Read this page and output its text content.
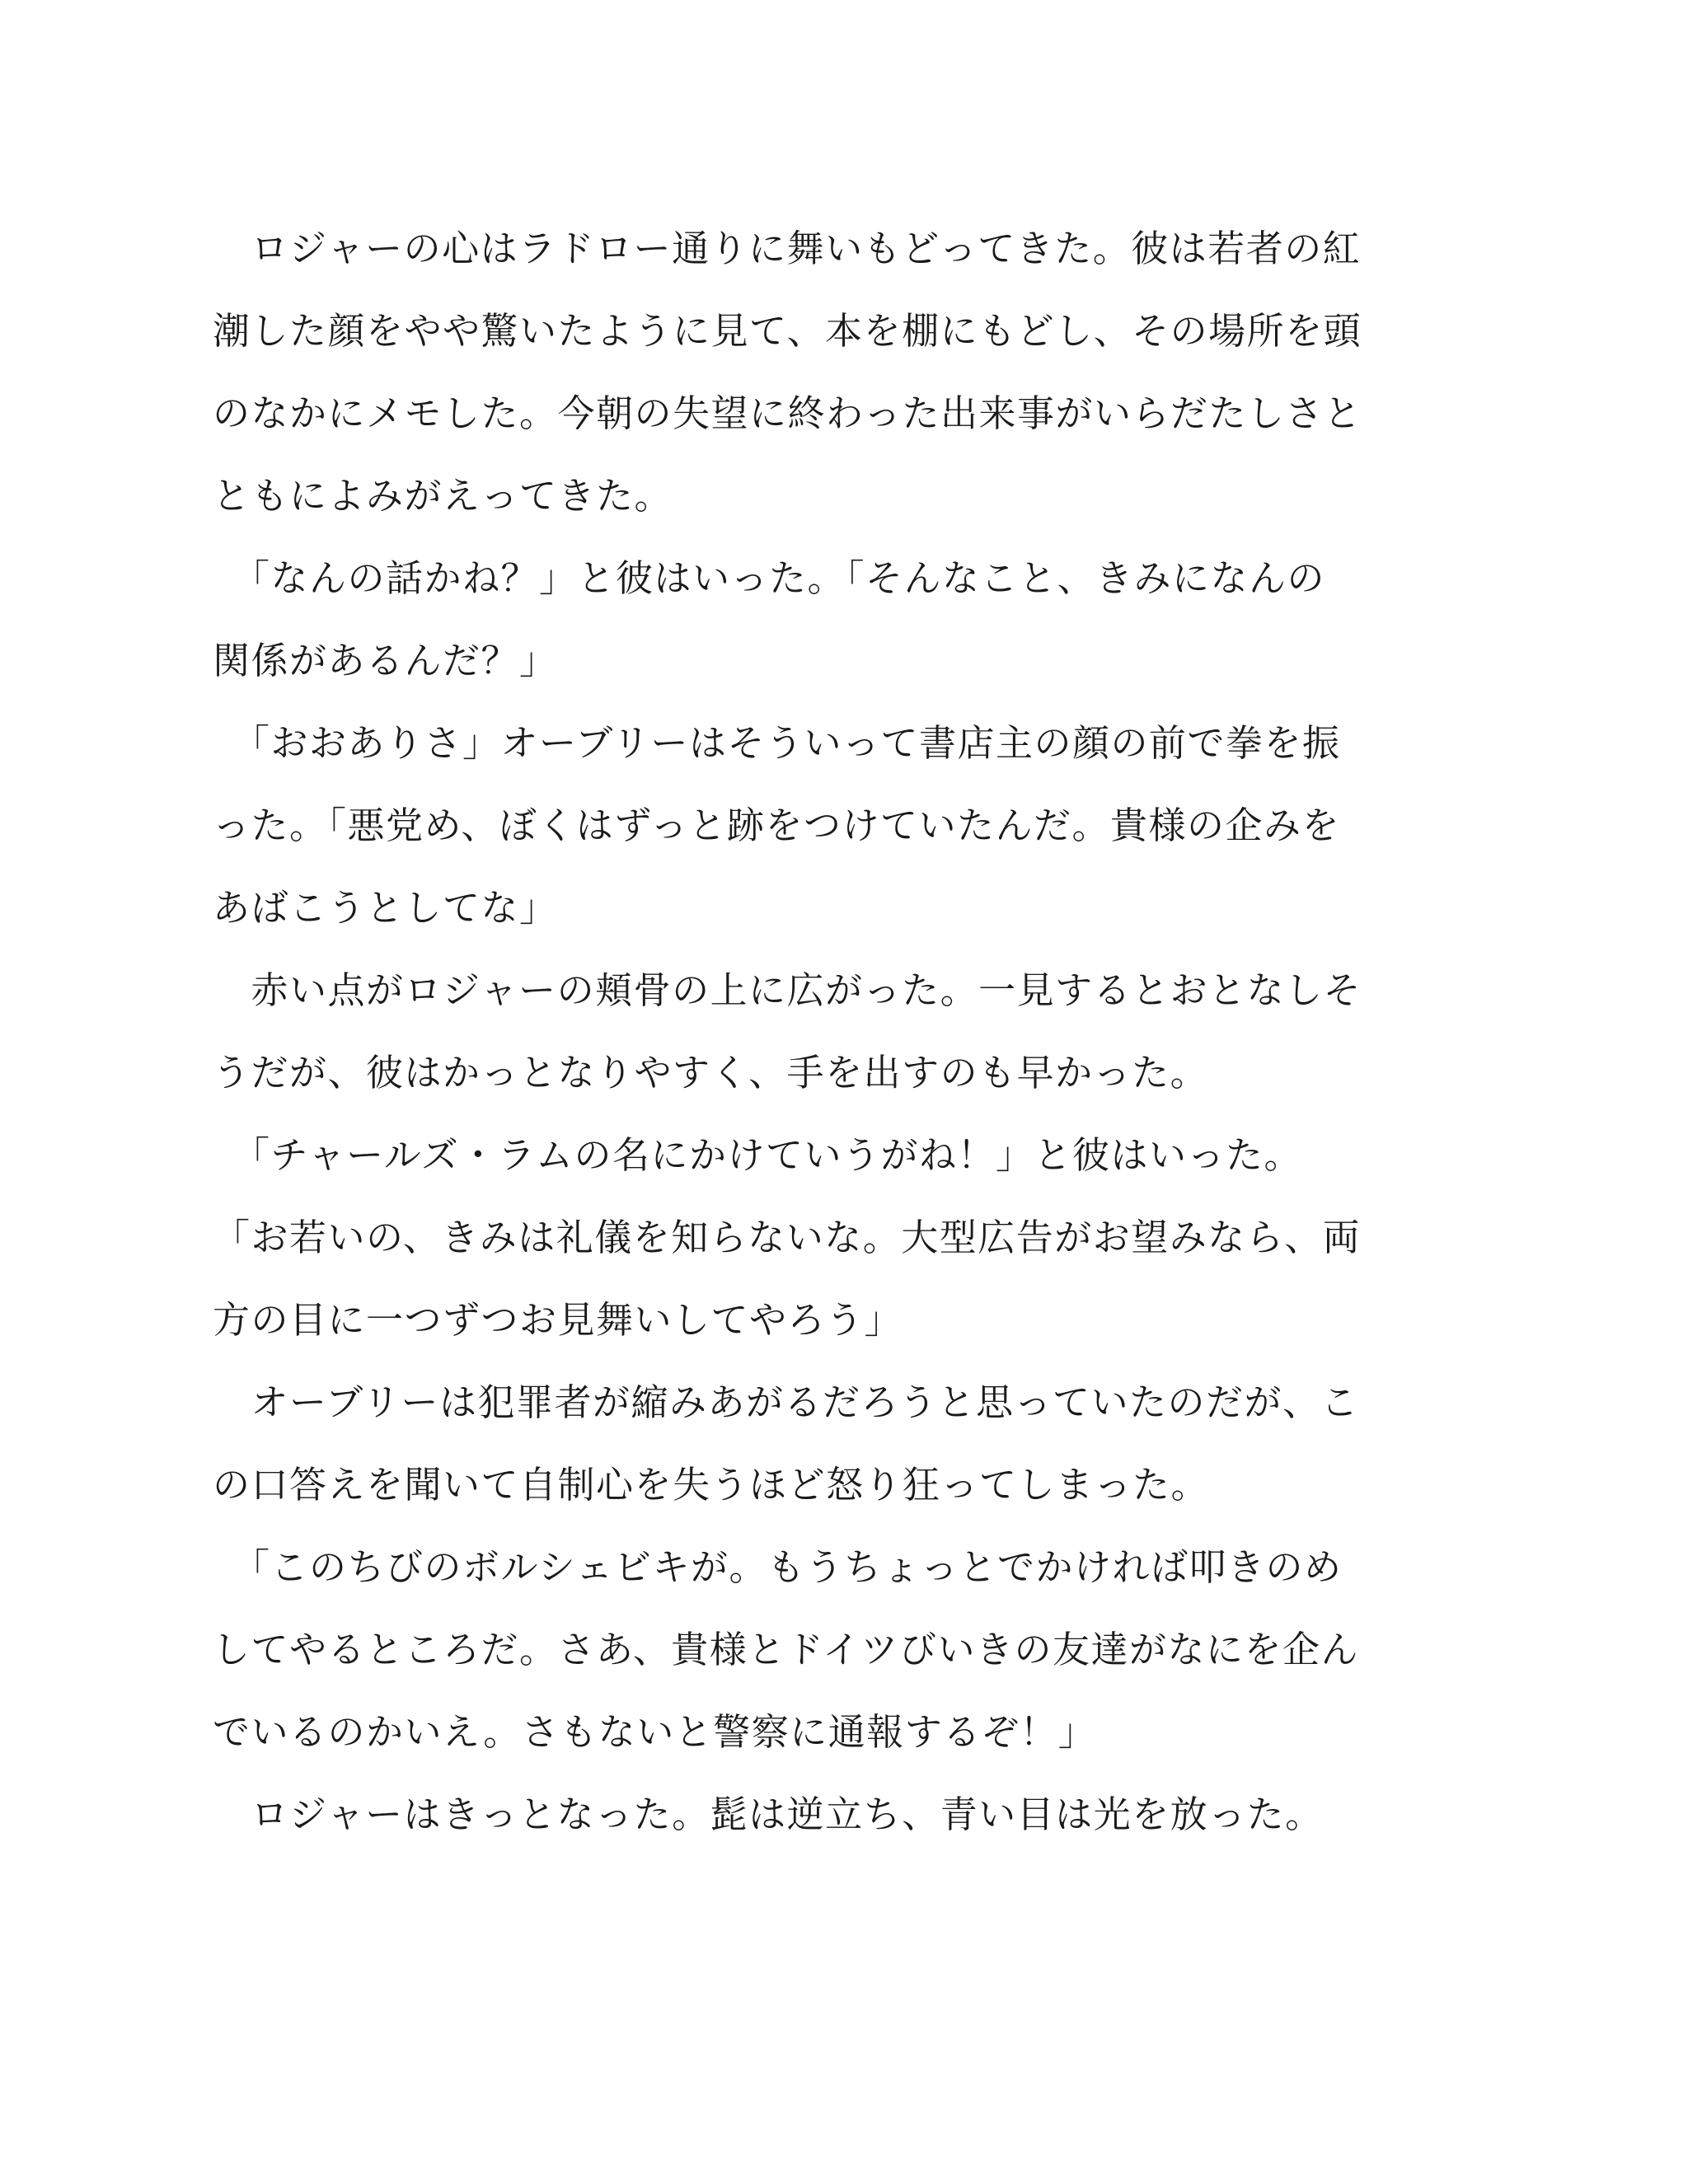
　ロジャーの心はラドロー通りに舞いもどってきた。彼は若者の紅
潮した顔をやや驚いたように見て、本を棚にもどし、その場所を頭
のなかにメモした。今朝の失望に終わった出来事がいらだたしさと
ともによみがえってきた。
　「なんの話かね？」と彼はいった。「そんなこと、きみになんの
関係があるんだ？」
　「おおありさ」オーブリーはそういって書店主の顔の前で拳を振
った。「悪党め、ぼくはずっと跡をつけていたんだ。貴様の企みを
あばこうとしてな」
　赤い点がロジャーの頬骨の上に広がった。一見するとおとなしそ
うだが、彼はかっとなりやすく、手を出すのも早かった。
　「チャールズ・ラムの名にかけていうがね！」と彼はいった。
「お若いの、きみは礼儀を知らないな。大型広告がお望みなら、両
方の目に一つずつお見舞いしてやろう」
　オーブリーは犯罪者が縮みあがるだろうと思っていたのだが、こ
の口答えを聞いて自制心を失うほど怒り狂ってしまった。
　「このちびのボルシェビキが。もうちょっとでかければ叩きのめ
してやるところだ。さあ、貴様とドイツびいきの友達がなにを企ん
でいるのかいえ。さもないと警察に通報するぞ！」
　ロジャーはきっとなった。髭は逆立ち、青い目は光を放った。
